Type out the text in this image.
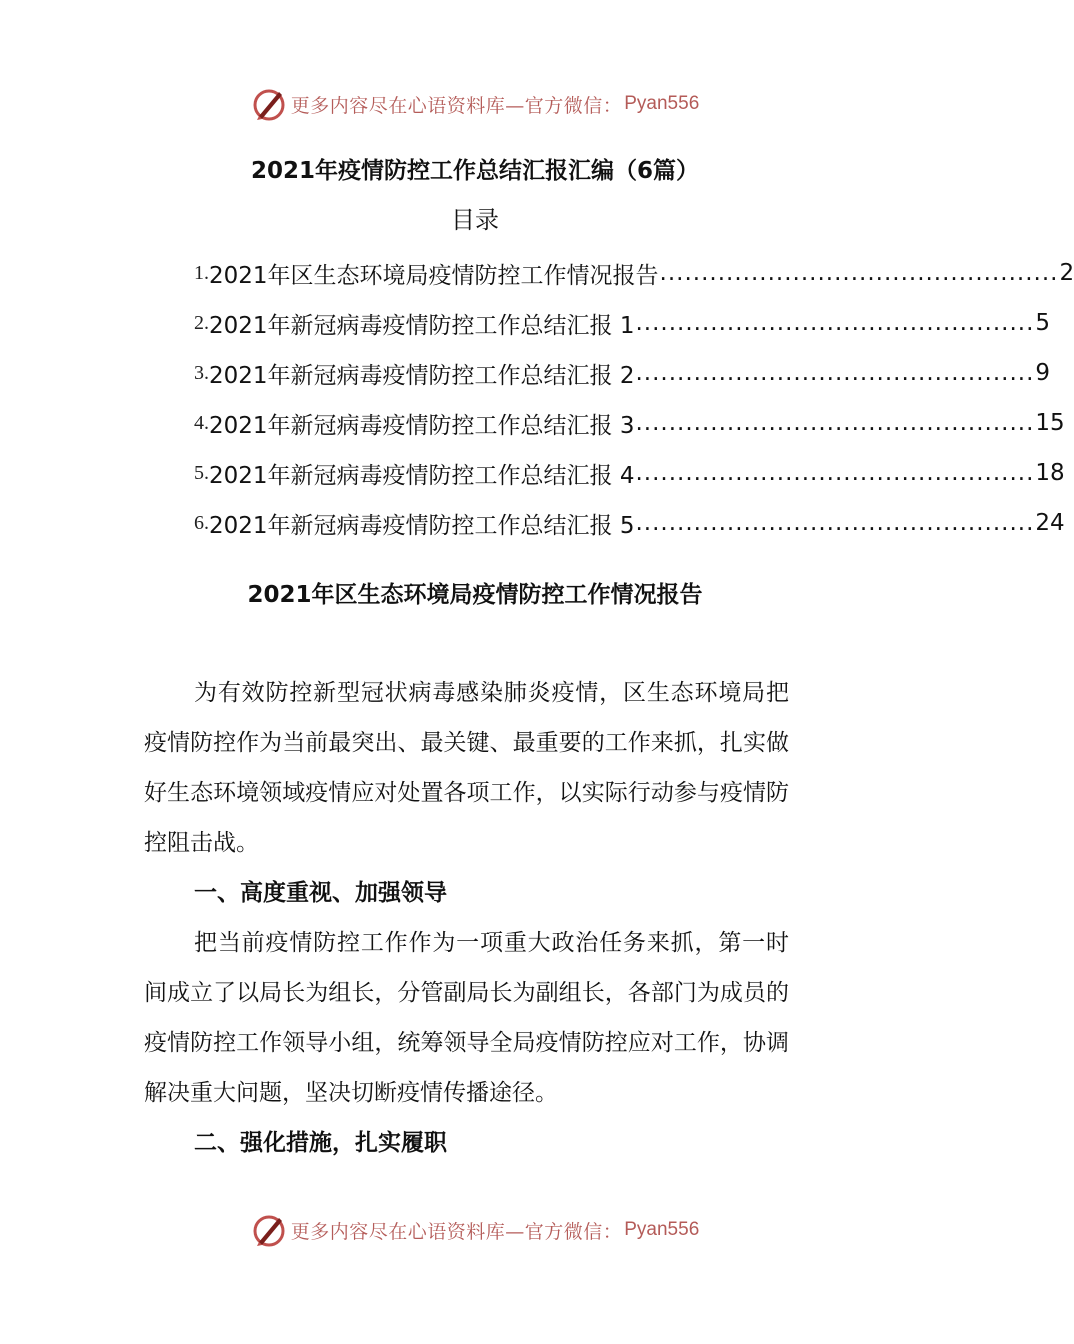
更多内容尽在心语资料库—官方微信： Pyan556
2021年疫情防控工作总结汇报汇编（6篇）
目录
1. 2021年区生态环境局疫情防控工作情况报告 ................................................ 2
2. 2021年新冠病毒疫情防控工作总结汇报 1 ................................................ 5
3. 2021年新冠病毒疫情防控工作总结汇报 2 ................................................ 9
4. 2021年新冠病毒疫情防控工作总结汇报 3 ................................................ 15
5. 2021年新冠病毒疫情防控工作总结汇报 4 ................................................ 18
6. 2021年新冠病毒疫情防控工作总结汇报 5 ................................................ 24
2021年区生态环境局疫情防控工作情况报告

为有效防控新型冠状病毒感染肺炎疫情，区生态环境局把疫情防控作为当前最突出、最关键、最重要的工作来抓，扎实做好生态环境领域疫情应对处置各项工作，以实际行动参与疫情防控阻击战。

一、高度重视、加强领导

把当前疫情防控工作作为一项重大政治任务来抓，第一时间成立了以局长为组长，分管副局长为副组长，各部门为成员的疫情防控工作领导小组，统筹领导全局疫情防控应对工作，协调解决重大问题，坚决切断疫情传播途径。

二、强化措施，扎实履职

更多内容尽在心语资料库—官方微信： Pyan556
